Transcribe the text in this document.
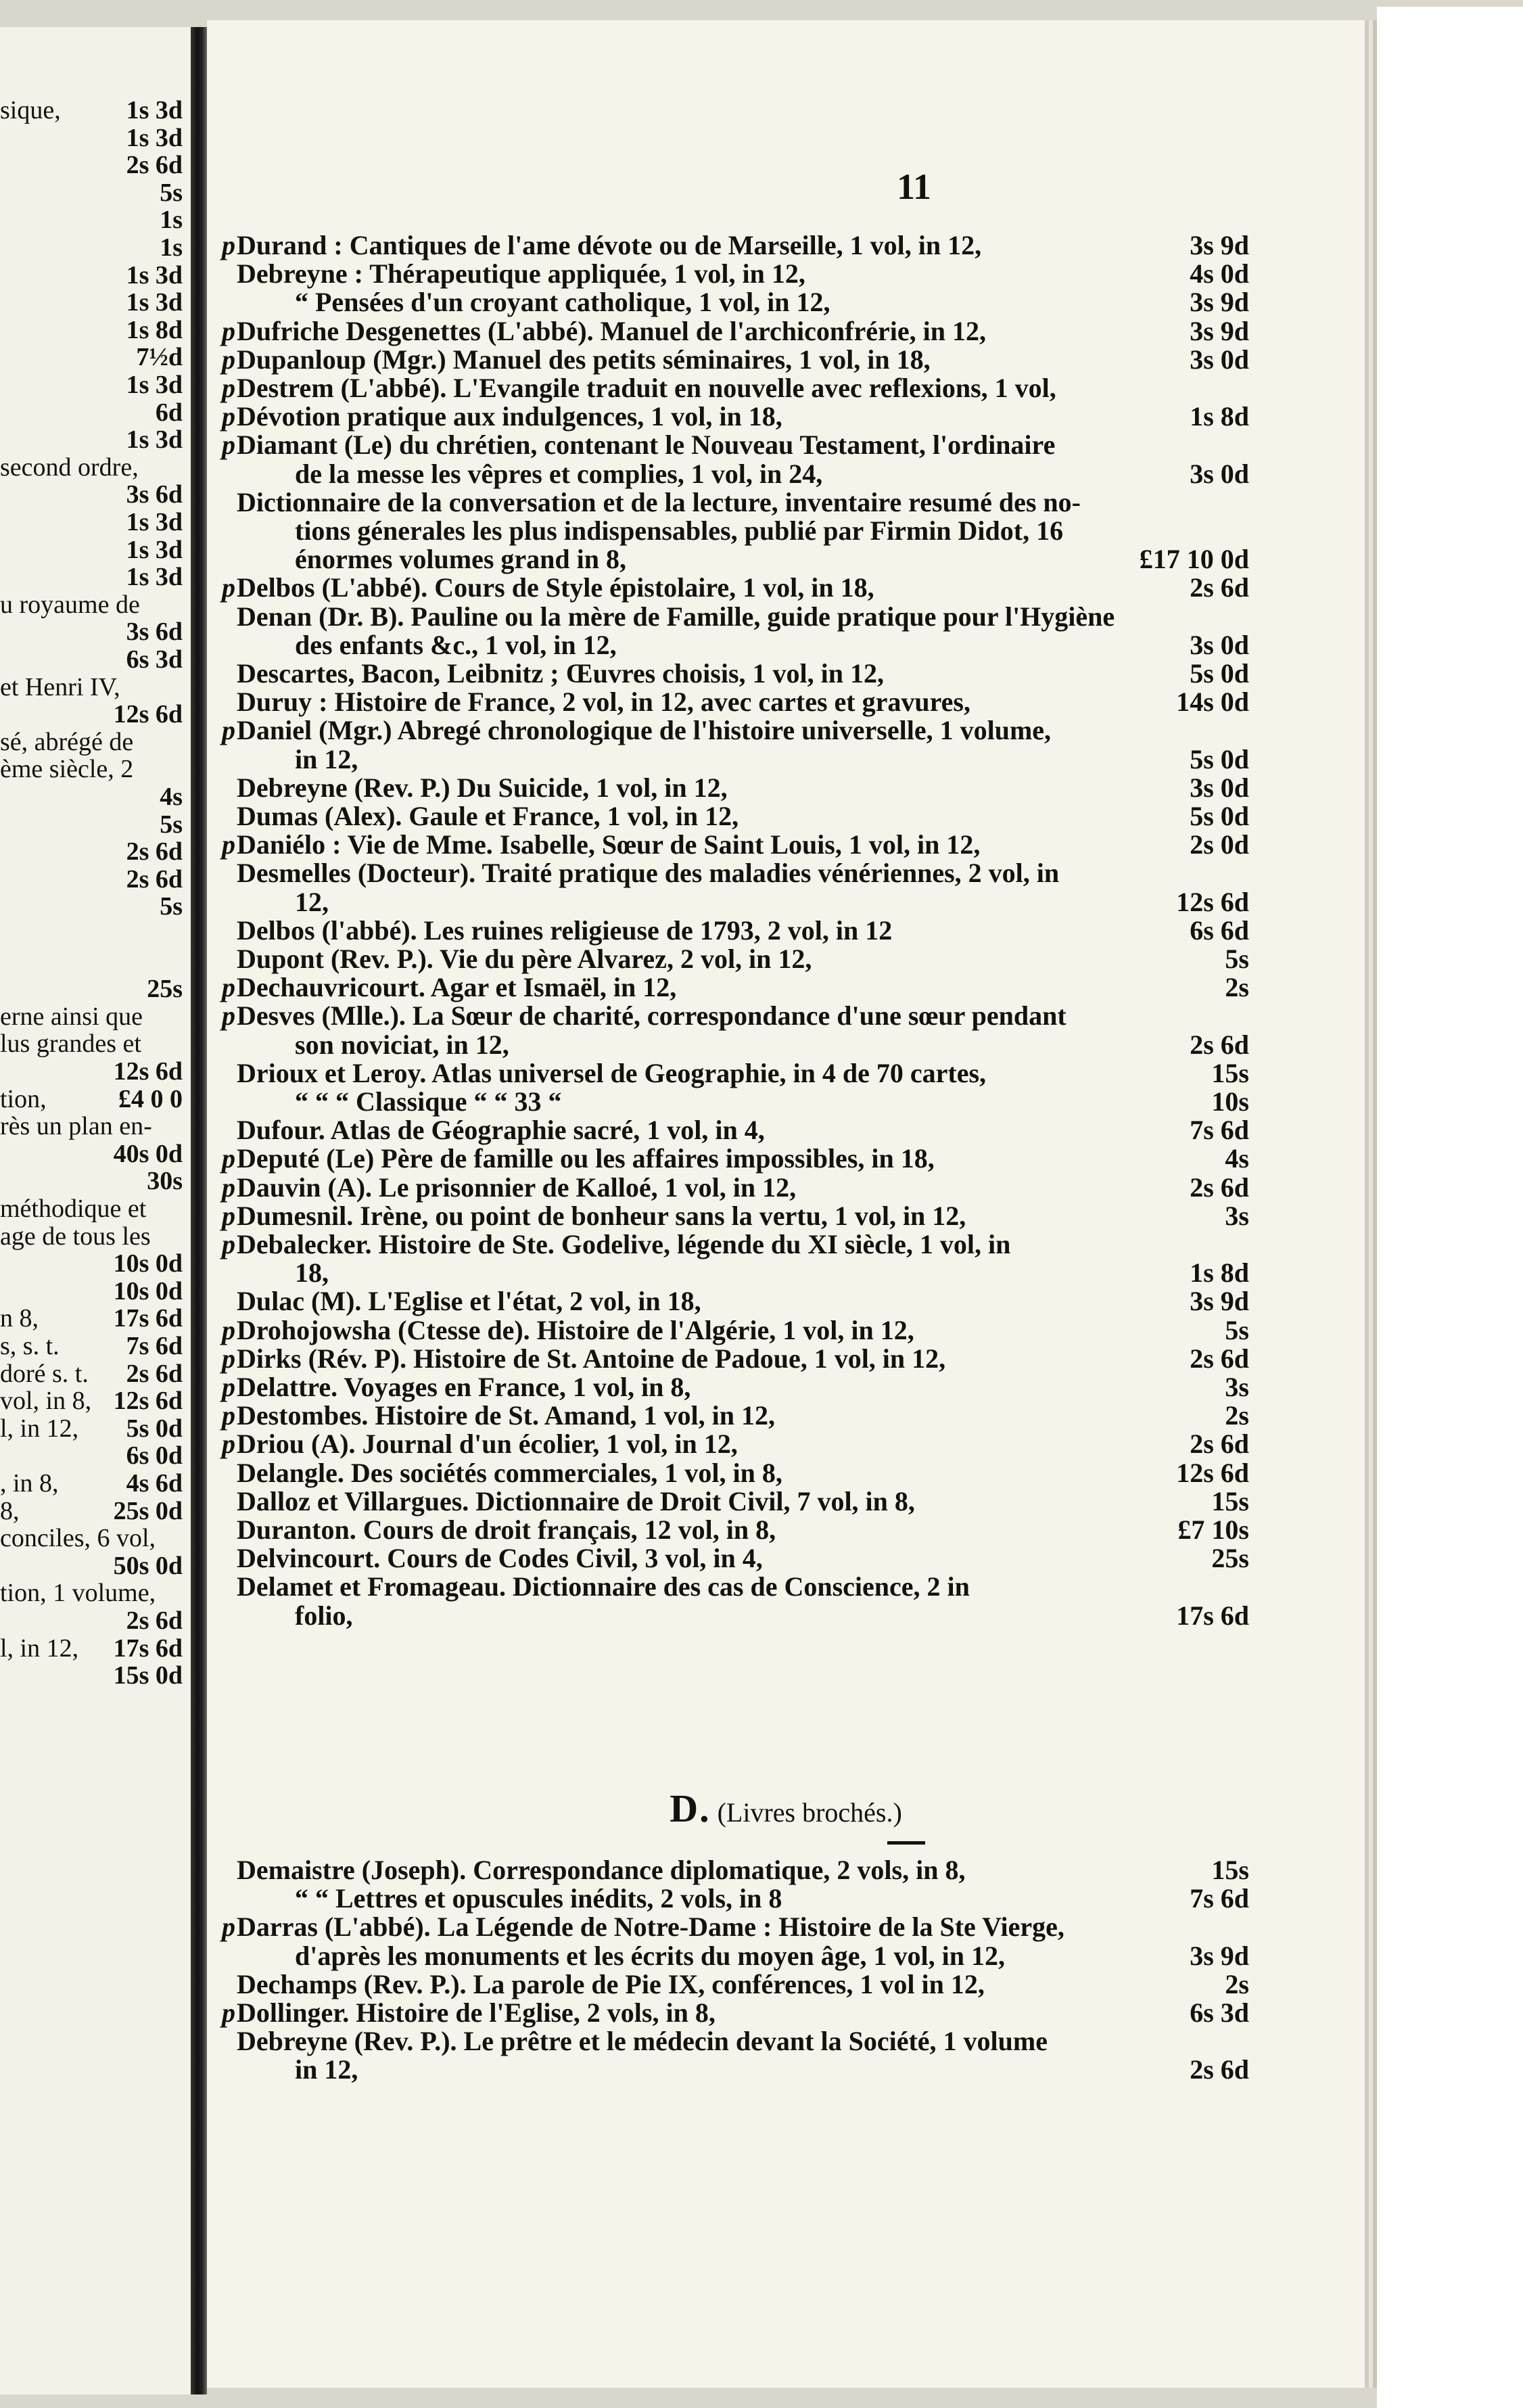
sique,	1s 3d
1s 3d
2s 6d
5s
1s
1s
1s 3d
1s 3d
1s 8d
7½d
1s 3d
6d
1s 3d
second ordre,
3s 6d
1s 3d
1s 3d
1s 3d
u royaume de
3s 6d
6s 3d
et Henri IV,
12s 6d
sé, abrégé de
ème siècle, 2
4s
5s
2s 6d
2s 6d
5s
25s
erne ainsi que
lus grandes et
12s 6d
tion,	£4 0 0
rès un plan en-
40s 0d
30s
méthodique et
age de tous les
10s 0d
10s 0d
n 8,	17s 6d
s, s. t.	7s 6d
doré s. t. 2s 6d
vol, in 8, 12s 6d
l, in 12, 5s 0d
6s 0d
, in 8,	4s 6d
8,	25s 0d
conciles, 6 vol,
50s 0d
tion, 1 volume,
2s 6d
l, in 12, 17s 6d
15s 0d
11
p Durand : Cantiques de l'ame dévote ou de Marseille, 1 vol, in 12,	3s 9d
Debreyne : Thérapeutique appliquée, 1 vol, in 12,	4s 0d
“ Pensées d'un croyant catholique, 1 vol, in 12,	3s 9d
p Dufriche Desgenettes (L'abbé). Manuel de l'archiconfrérie, in 12,	3s 9d
p Dupanloup (Mgr.) Manuel des petits séminaires, 1 vol, in 18,	3s 0d
p Destrem (L'abbé). L'Evangile traduit en nouvelle avec reflexions, 1 vol,
p Dévotion pratique aux indulgences, 1 vol, in 18,	1s 8d
p Diamant (Le) du chrétien, contenant le Nouveau Testament, l'ordinaire
de la messe les vêpres et complies, 1 vol, in 24,	3s 0d
Dictionnaire de la conversation et de la lecture, inventaire resumé des no-
tions génerales les plus indispensables, publié par Firmin Didot, 16
énormes volumes grand in 8,	£17 10 0d
p Delbos (L'abbé). Cours de Style épistolaire, 1 vol, in 18,	2s 6d
Denan (Dr. B). Pauline ou la mère de Famille, guide pratique pour l'Hygiène
des enfants &c., 1 vol, in 12,	3s 0d
Descartes, Bacon, Leibnitz ; Œuvres choisis, 1 vol, in 12,	5s 0d
Duruy : Histoire de France, 2 vol, in 12, avec cartes et gravures,	14s 0d
p Daniel (Mgr.) Abregé chronologique de l'histoire universelle, 1 volume,
in 12,	5s 0d
Debreyne (Rev. P.) Du Suicide, 1 vol, in 12,	3s 0d
Dumas (Alex). Gaule et France, 1 vol, in 12,	5s 0d
p Daniélo : Vie de Mme. Isabelle, Sœur de Saint Louis, 1 vol, in 12,	2s 0d
Desmelles (Docteur). Traité pratique des maladies vénériennes, 2 vol, in
12,	12s 6d
Delbos (l'abbé). Les ruines religieuse de 1793, 2 vol, in 12	6s 6d
Dupont (Rev. P.). Vie du père Alvarez, 2 vol, in 12,	5s
p Dechauvricourt. Agar et Ismaël, in 12,	2s
p Desves (Mlle.). La Sœur de charité, correspondance d'une sœur pendant
son noviciat, in 12,	2s 6d
Drioux et Leroy. Atlas universel de Geographie, in 4 de 70 cartes,	15s
“ “ “ Classique “ “ 33 “	10s
Dufour. Atlas de Géographie sacré, 1 vol, in 4,	7s 6d
p Deputé (Le) Père de famille ou les affaires impossibles, in 18,	4s
p Dauvin (A). Le prisonnier de Kalloé, 1 vol, in 12,	2s 6d
p Dumesnil. Irène, ou point de bonheur sans la vertu, 1 vol, in 12,	3s
p Debalecker. Histoire de Ste. Godelive, légende du XI siècle, 1 vol, in
18,	1s 8d
Dulac (M). L'Eglise et l'état, 2 vol, in 18,	3s 9d
p Drohojowsha (Ctesse de). Histoire de l'Algérie, 1 vol, in 12,	5s
p Dirks (Rév. P). Histoire de St. Antoine de Padoue, 1 vol, in 12,	2s 6d
p Delattre. Voyages en France, 1 vol, in 8,	3s
p Destombes. Histoire de St. Amand, 1 vol, in 12,	2s
p Driou (A). Journal d'un écolier, 1 vol, in 12,	2s 6d
Delangle. Des sociétés commerciales, 1 vol, in 8,	12s 6d
Dalloz et Villargues. Dictionnaire de Droit Civil, 7 vol, in 8,	15s
Duranton. Cours de droit français, 12 vol, in 8,	£7 10s
Delvincourt. Cours de Codes Civil, 3 vol, in 4,	25s
Delamet et Fromageau. Dictionnaire des cas de Conscience, 2 in
folio,	17s 6d
Demaistre (Joseph). Correspondance diplomatique, 2 vols, in 8,	15s
“ “ Lettres et opuscules inédits, 2 vols, in 8	7s 6d
p Darras (L'abbé). La Légende de Notre-Dame : Histoire de la Ste Vierge,
d'après les monuments et les écrits du moyen âge, 1 vol, in 12,	3s 9d
Dechamps (Rev. P.). La parole de Pie IX, conférences, 1 vol in 12,	2s
p Dollinger. Histoire de l'Eglise, 2 vols, in 8,	6s 3d
Debreyne (Rev. P.). Le prêtre et le médecin devant la Société, 1 volume
in 12,	2s 6d
D. (Livres brochés.)
